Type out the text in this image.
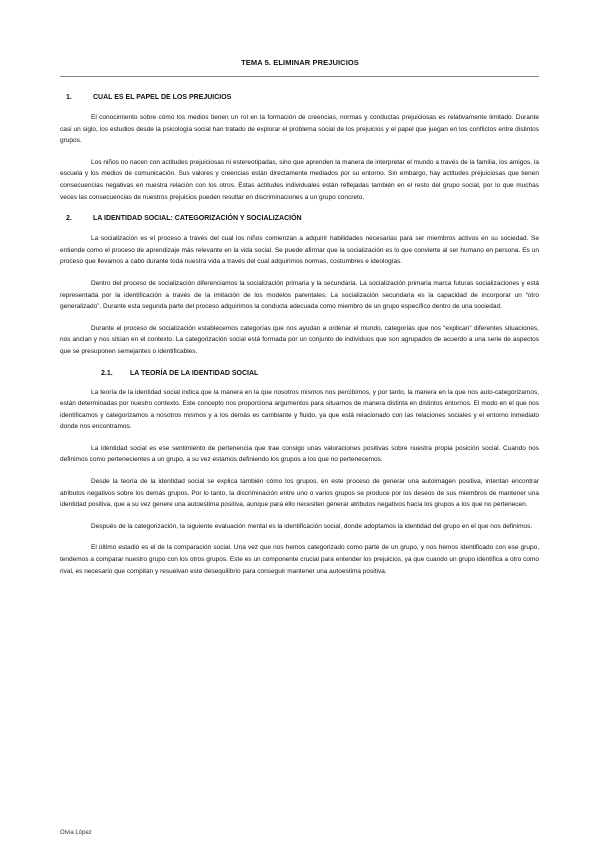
TEMA 5. ELIMINAR PREJUICIOS
1.	CUAL ES EL PAPEL DE LOS PREJUICIOS

El conocimiento sobre cómo los medios tienen un rol en la formación de creencias, normas y conductas prejuiciosas es relativamente limitado. Durante casi un siglo, los estudios desde la psicología social han tratado de explorar el problema social de los prejuicios y el papel que juegan en los conflictos entre distintos grupos.

Los niños no nacen con actitudes prejuiciosas ni estereotipadas, sino que aprenden la manera de interpretar el mundo a través de la familia, los amigos, la escuela y los medios de comunicación. Sus valores y creencias están directamente mediados por su entorno. Sin embargo, hay actitudes prejuiciosas que tienen consecuencias negativas en nuestra relación con los otros. Estas actitudes individuales están reflejadas también en el resto del grupo social, por lo que muchas veces las consecuencias de nuestros prejuicios pueden resultar en discriminaciones a un grupo concreto.

2.	LA IDENTIDAD SOCIAL: CATEGORIZACIÓN Y SOCIALIZACIÓN

La socialización es el proceso a través del cual los niños comienzan a adquirir habilidades necesarias para ser miembros activos en su sociedad. Se entiende como el proceso de aprendizaje más relevante en la vida social. Se puede afirmar que la socialización es lo que convierte al ser humano en persona. Es un proceso que llevamos a cabo durante toda nuestra vida a través del cual adquirimos normas, costumbres e ideologías.

Dentro del proceso de socialización diferenciamos la socialización primaria y la secundaria. La socialización primaria marca futuras socializaciones y está representada por la identificación a través de la imitación de los modelos parentales. La socialización secundaria es la capacidad de incorporar un “otro generalizado”. Durante esta segunda parte del proceso adquirimos la conducta adecuada como miembro de un grupo específico dentro de una sociedad.

Durante el proceso de socialización establecemos categorías que nos ayudan a ordenar el mundo, categorías que nos “explican” diferentes situaciones, nos anclan y nos sitúan en el contexto. La categorización social está formada por un conjunto de individuos que son agrupados de acuerdo a una serie de aspectos que se presuponen semejantes o identificables.

2.1.	LA TEORÍA DE LA IDENTIDAD SOCIAL

La teoría de la identidad social indica que la manera en la que nosotros mismos nos percibimos, y por tanto, la manera en la que nos auto-categorizamos, están determinadas por nuestro contexto. Este concepto nos proporciona argumentos para situarnos de manera distinta en distintos entornos. El modo en el que nos identificamos y categorizamos a nosotros mismos y a los demás es cambiante y fluido, ya que está relacionado con las relaciones sociales y el entorno inmediato donde nos encontramos.

La identidad social es ese sentimiento de pertenencia que trae consigo unas valoraciones positivas sobre nuestra propia posición social. Cuando nos definimos como pertenecientes a un grupo, a su vez estamos definiendo los grupos a los que no pertenecemos.

Desde la teoría de la identidad social se explica también cómo los grupos, en este proceso de generar una autoimagen positiva, intentan encontrar atributos negativos sobre los demás grupos. Por lo tanto, la discriminación entre uno o varios grupos se produce por los deseos de sus miembros de mantener una identidad positiva, que a su vez genere una autoestima positiva, aunque para ello necesiten generar atributos negativos hacia los grupos a los que no pertenecen.

Después de la categorización, la siguiente evaluación mental es la identificación social, donde adoptamos la identidad del grupo en el que nos definimos.

El último estadio es el de la comparación social. Una vez que nos hemos categorizado como parte de un grupo, y nos hemos identificado con ese grupo, tendemos a comparar nuestro grupo con los otros grupos. Este es un componente crucial para entender los prejuicios, ya que cuando un grupo identifica a otro como rival, es necesario que compitan y resuelvan este desequilibrio para conseguir mantener una autoestima positiva.

Olvia López
